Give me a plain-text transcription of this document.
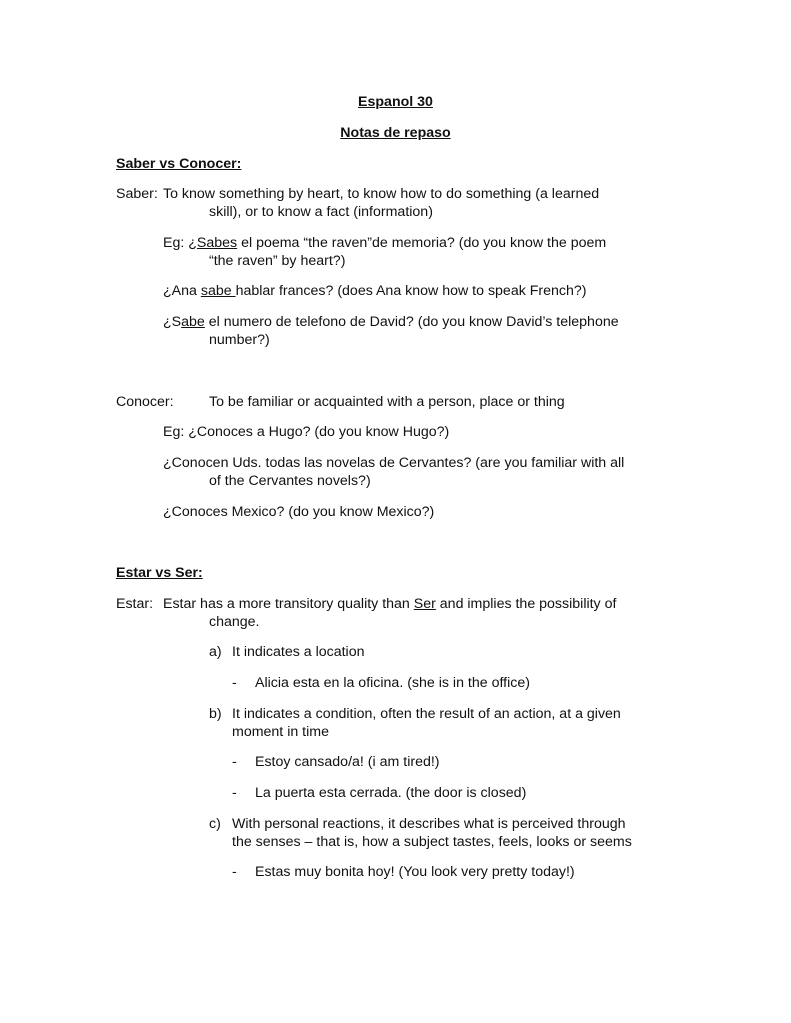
Espanol 30
Notas de repaso
Saber vs Conocer:
Saber: To know something by heart, to know how to do something (a learned
skill), or to know a fact (information)
Eg: ¿Sabes el poema “the raven”de memoria? (do you know the poem
“the raven” by heart?)
¿Ana sabe hablar frances? (does Ana know how to speak French?)
¿Sabe el numero de telefono de David? (do you know David’s telephone
number?)
Conocer: To be familiar or acquainted with a person, place or thing
Eg: ¿Conoces a Hugo? (do you know Hugo?)
¿Conocen Uds. todas las novelas de Cervantes? (are you familiar with all
of the Cervantes novels?)
¿Conoces Mexico? (do you know Mexico?)
Estar vs Ser:
Estar: Estar has a more transitory quality than Ser and implies the possibility of
change.
a) It indicates a location
- Alicia esta en la oficina. (she is in the office)
b) It indicates a condition, often the result of an action, at a given
moment in time
- Estoy cansado/a! (i am tired!)
- La puerta esta cerrada. (the door is closed)
c) With personal reactions, it describes what is perceived through
the senses – that is, how a subject tastes, feels, looks or seems
- Estas muy bonita hoy! (You look very pretty today!)
